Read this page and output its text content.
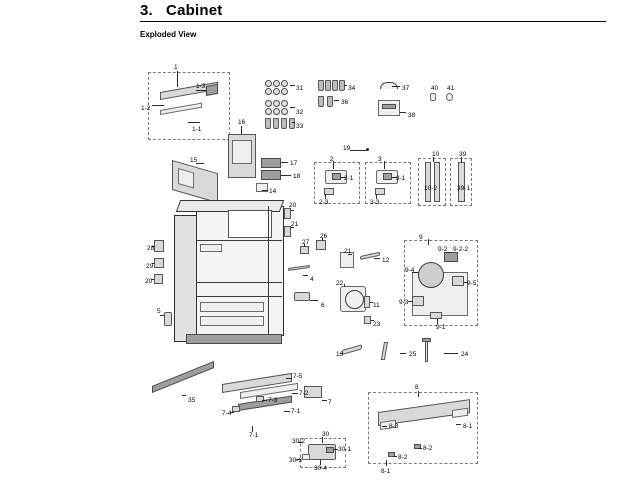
3. Cabinet
Exploded View
1
1-3
1-2
1-1
16
15	17
18
14
20
21
19
2	3
2-1	3-1
2-3	3-3
10	39
10-2	39-1
31
32
33
34
36
37
38
40 41
27
26
21
12
4
22
11
6
23
13	25	24
9
9-2 9-2-2
9-4
9-5
9-3
9-1
5
28
29
20
35
7-5
7-2
7-3
7-1
7
7-4
7-1	30
30-2
30-1
30-3
30-4
8
8-3	8-1
8-2
8-2
8-1
